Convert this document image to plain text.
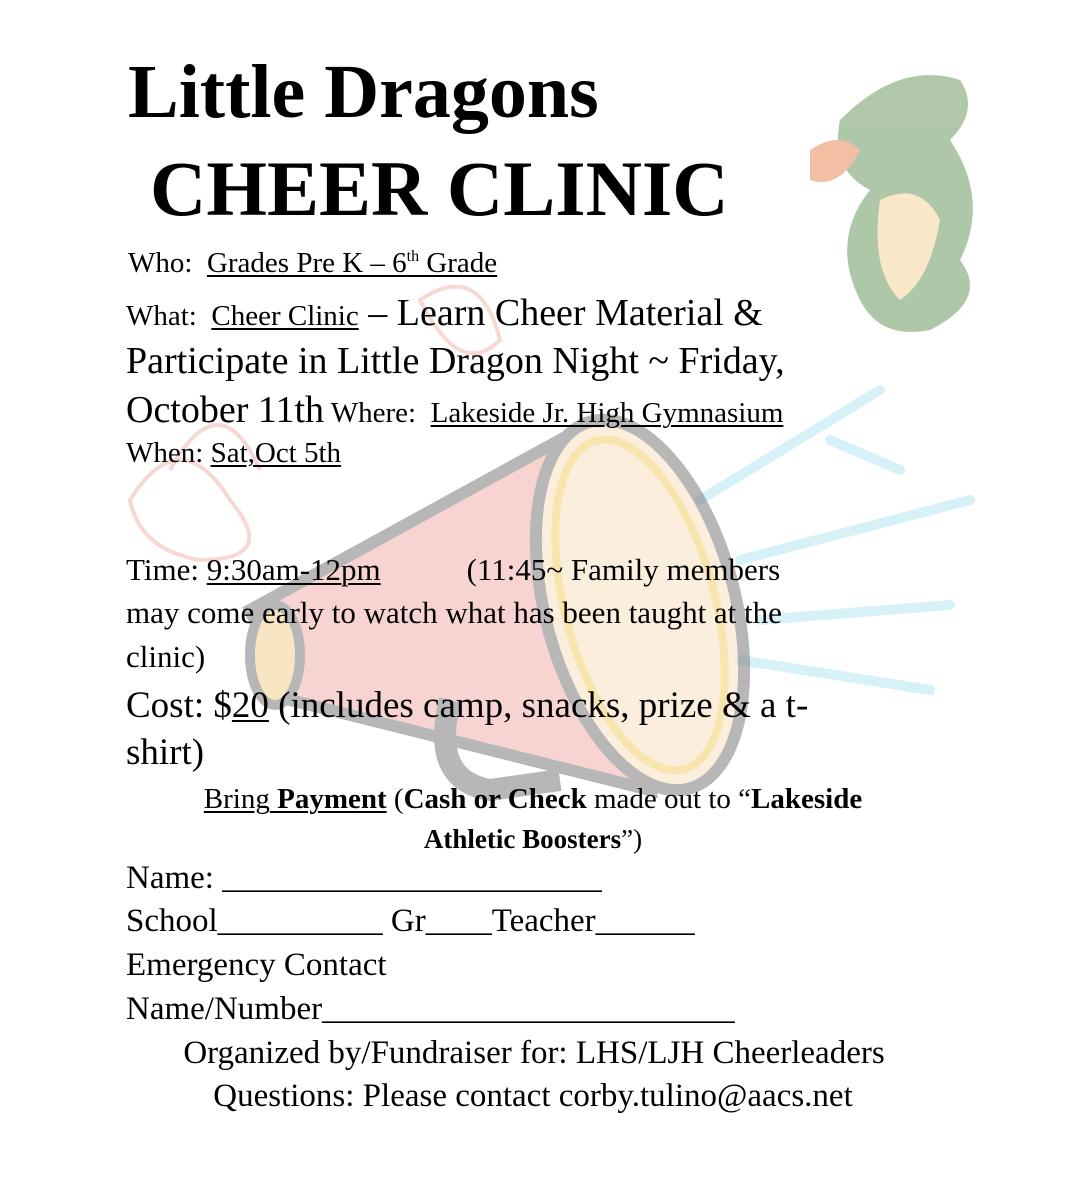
Little Dragons
CHEER CLINIC
Who: Grades Pre K – 6th Grade
What: Cheer Clinic – Learn Cheer Material &
Participate in Little Dragon Night ~ Friday,
October 11th Where: Lakeside Jr. High Gymnasium
When: Sat,Oct 5th
Time: 9:30am-12pm	(11:45~ Family members
may come early to watch what has been taught at the
clinic)
Cost: $20 (includes camp, snacks, prize & a t-
shirt)
Bring Payment (Cash or Check made out to “Lakeside
Athletic Boosters”)
Name: _______________________
School__________ Gr____Teacher______
Emergency Contact
Name/Number_________________________
Organized by/Fundraiser for: LHS/LJH Cheerleaders
Questions: Please contact corby.tulino@aacs.net
